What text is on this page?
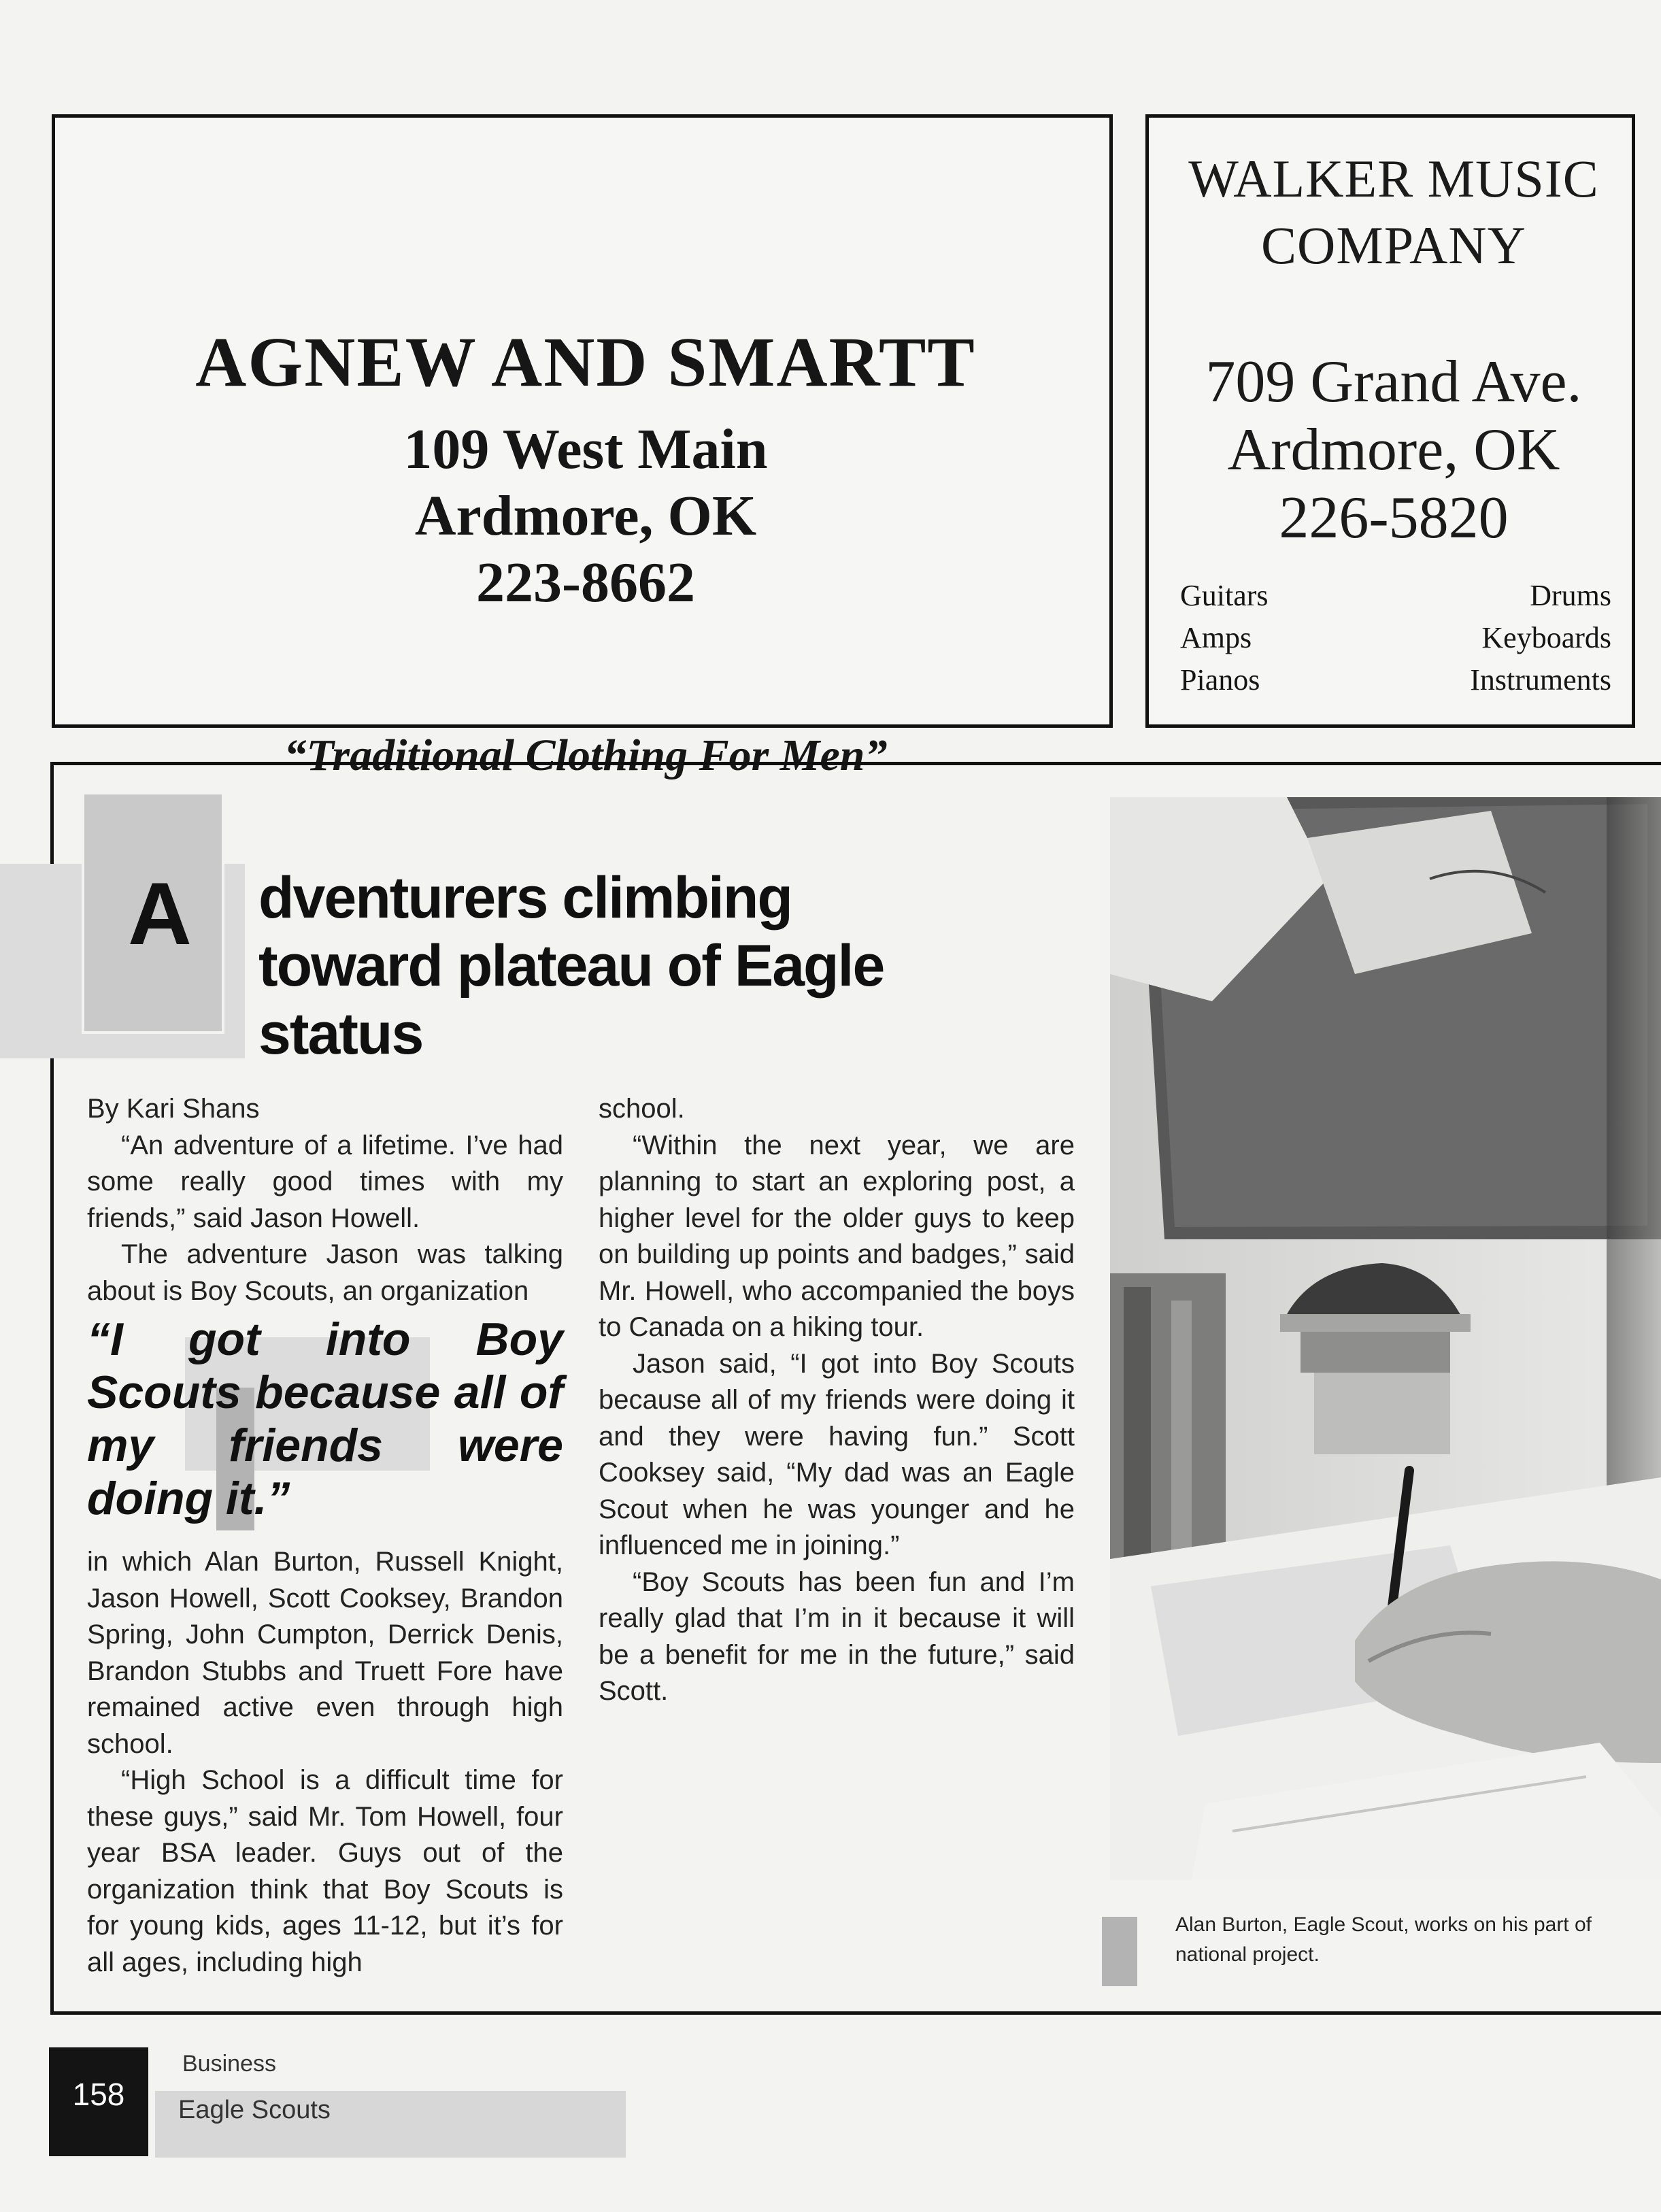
AGNEW AND SMARTT
109 West Main
Ardmore, OK
223-8662
“Traditional Clothing For Men”
WALKER MUSIC
COMPANY
709 Grand Ave.
Ardmore, OK
226-5820
Guitars
Amps
Pianos
Drums
Keyboards
Instruments
A dventurers climbing
toward plateau of Eagle
status

By Kari Shans

“An adventure of a lifetime. I’ve had some really good times with my friends,” said Jason Howell.

The adventure Jason was talking about is Boy Scouts, an organization

“I got into Boy Scouts because all of my friends were doing it.”

in which Alan Burton, Russell Knight, Jason Howell, Scott Cooksey, Brandon Spring, John Cumpton, Derrick Denis, Brandon Stubbs and Truett Fore have remained active even through high school.

“High School is a difficult time for these guys,” said Mr. Tom Howell, four year BSA leader. Guys out of the organization think that Boy Scouts is for young kids, ages 11-12, but it’s for all ages, including high

school.

“Within the next year, we are planning to start an exploring post, a higher level for the older guys to keep on building up points and badges,” said Mr. Howell, who accompanied the boys to Canada on a hiking tour.

Jason said, “I got into Boy Scouts because all of my friends were doing it and they were having fun.” Scott Cooksey said, “My dad was an Eagle Scout when he was younger and he influenced me in joining.”

“Boy Scouts has been fun and I’m really glad that I’m in it because it will be a benefit for me in the future,” said Scott.

Alan Burton, Eagle Scout, works on his part of national project.
158
Business
Eagle Scouts
